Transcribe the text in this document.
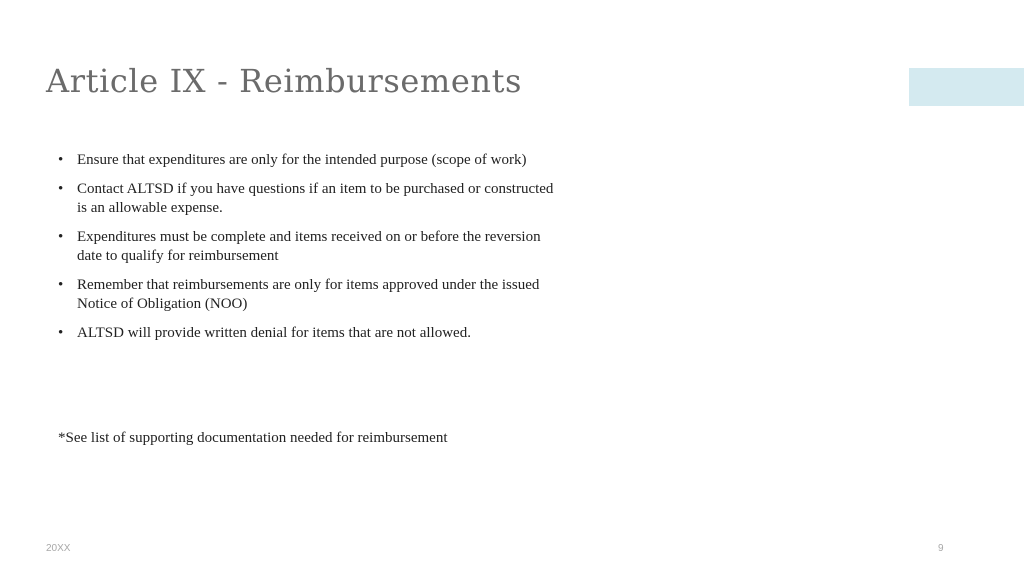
Article IX - Reimbursements
• Ensure that expenditures are only for the intended purpose (scope of work)
• Contact ALTSD if you have questions if an item to be purchased or constructed is an allowable expense.
• Expenditures must be complete and items received on or before the reversion date to qualify for reimbursement
• Remember that reimbursements are only for items approved under the issued Notice of Obligation (NOO)
• ALTSD will provide written denial for items that are not allowed.
*See list of supporting documentation needed for reimbursement
20XX	9
